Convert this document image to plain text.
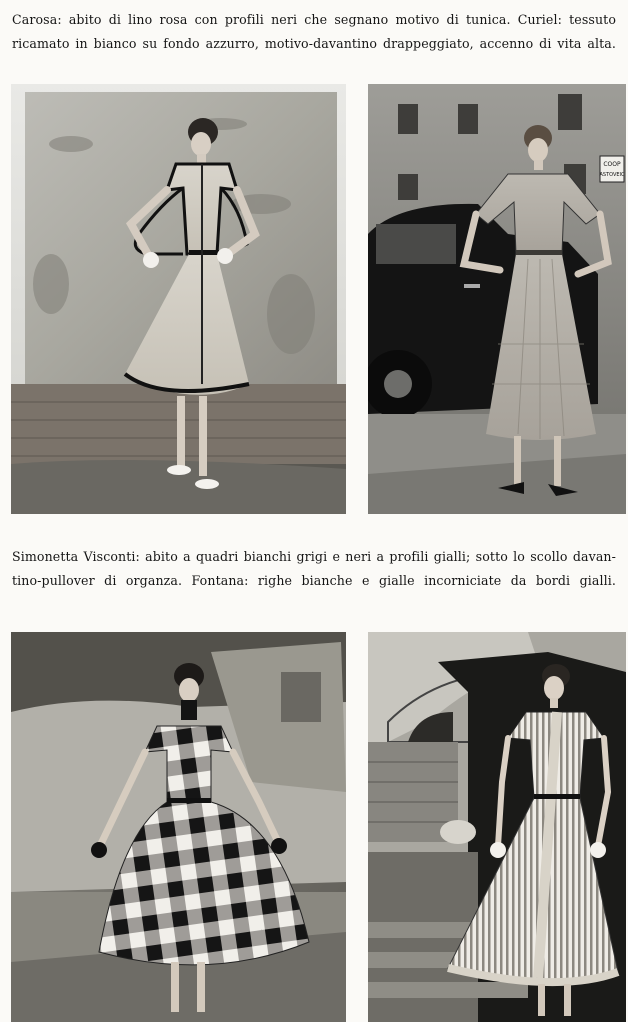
Carosa: abito di lino rosa con profili neri che segnano motivo di tunica. Curiel: tessuto
ricamato in bianco su fondo azzurro, motivo-davantino drappeggiato, accenno di vita alta.

COOP
ASTOVEIC

Simonetta Visconti: abito a quadri bianchi grigi e neri a profili gialli; sotto lo scollo davan-
tino-pullover di organza. Fontana: righe bianche e gialle incorniciate da bordi gialli.
